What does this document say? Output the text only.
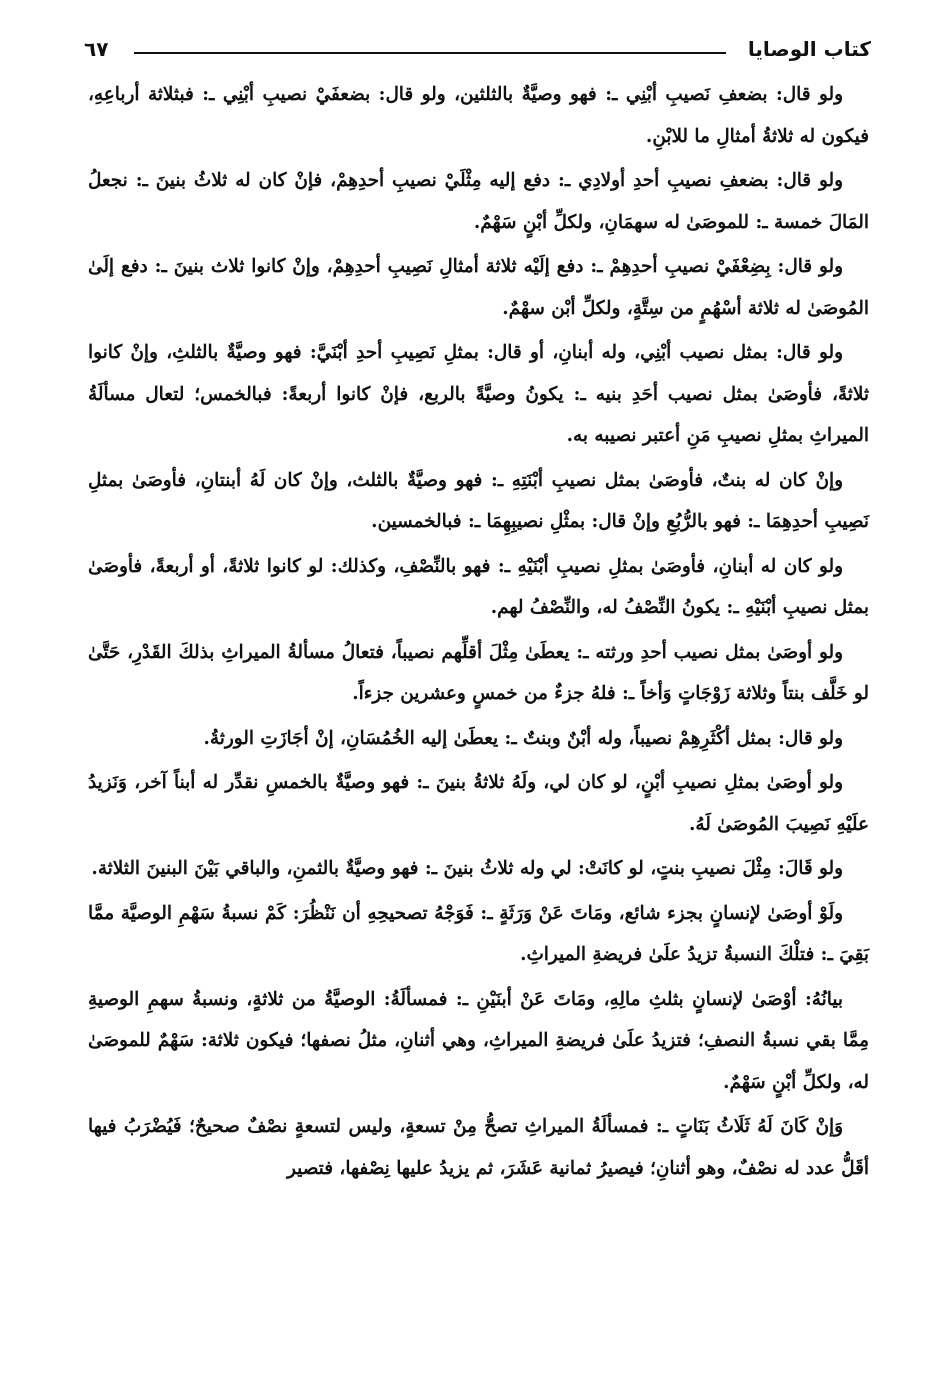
كتاب الوصايا
٦٧

ولو قال: بضعفِ نَصيبِ أبْنِي ـ: فهو وصيَّةٌ بالثلثين، ولو قال: بضعفَيْ نصيبِ أبْنِي ـ: فبثلاثة أرباعِهِ، فيكون له ثلاثةُ أمثالِ ما للابْنِ.

ولو قال: بضعفِ نصيبِ أحدِ أولادِي ـ: دفع إليه مِثْلَيْ نصيبِ أحدِهِمْ، فإنْ كان له ثلاثُ بنينَ ـ: نجعلُ المَالَ خمسة ـ: للموصَىٰ له سهمَانِ، ولكلِّ أبْنٍ سَهْمٌ.

ولو قال: بِضِعْفَيْ نصيبِ أحدِهِمْ ـ: دفع إلَيْه ثلاثة أمثالِ نَصِيبِ أحدِهِمْ، وإنْ كانوا ثلاث بنينَ ـ: دفع إلَىٰ المُوصَىٰ له ثلاثة أسْهُمٍ من سِتَّةٍ، ولكلِّ أبْن سهْمٌ.

ولو قال: بمثل نصيب أبْنِي، وله أبنانِ، أو قال: بمثلِ نَصِيبِ أحدِ أبْنَيَّ: فهو وصيَّةٌ بالثلثِ، وإنْ كانوا ثلاثةً، فأوصَىٰ بمثل نصيب أحَدِ بنيه ـ: يكونُ وصيَّةً بالربع، فإنْ كانوا أربعةً: فبالخمس؛ لتعال مسألَةُ الميراثِ بمثلِ نصيبِ مَنِ أعتبر نصيبه به.

وإنْ كان له بنتٌ، فأوصَىٰ بمثل نصيبِ أبْنَتِهِ ـ: فهو وصيَّةٌ بالثلث، وإنْ كان لَهُ أبنتانِ، فأوصَىٰ بمثلِ نَصِيبِ أحدِهِمَا ـ: فهو بالرُّبُعِ وإنْ قال: بمثْلِ نصيبِهِمَا ـ: فبالخمسين.

ولو كان له أبنانِ، فأوصَىٰ بمثلِ نصيبِ أبْنَيْهِ ـ: فهو بالنِّصْفِ، وكذلك: لو كانوا ثلاثةً، أو أربعةً، فأوصَىٰ بمثل نصيبِ أبْنَيْهِ ـ: يكونُ النِّصْفُ له، والنِّصْفُ لهم.

ولو أوصَىٰ بمثل نصيب أحدِ ورثته ـ: يعطَىٰ مِثْلَ أقلِّهم نصيباً، فتعالُ مسألةُ الميراثِ بذلكَ القَدْرِ، حَتَّىٰ لو خَلَّف بنتاً وثلاثة زَوْجَاتٍ وَأخاً ـ: فلهُ جزءٌ من خمسٍ وعشرين جزءاً.

ولو قال: بمثل أكْثَرِهِمْ نصيباً، وله أبْنٌ وبنتٌ ـ: يعطَىٰ إليه الخُمُسَانِ، إنْ أجَازَتِ الورثةُ.

ولو أوصَىٰ بمثلِ نصيبِ أبْنٍ، لو كان لي، ولَهُ ثلاثةُ بنينَ ـ: فهو وصيَّةٌ بالخمسِ نقدِّر له أبناً آخر، وَنَزيدُ علَيْهِ نَصِيبَ المُوصَىٰ لَهُ.

ولو قَالَ: مِثْلَ نصيبِ بنتٍ، لو كانَتْ: لي وله ثلاثُ بنينَ ـ: فهو وصيَّةٌ بالثمنِ، والباقي بَيْنَ البنينَ الثلاثة.

ولَوْ أوصَىٰ لإنسانٍ بجزء شائع، ومَاتَ عَنْ وَرَثَةٍ ـ: فَوَجْهُ تصحيحِهِ أن نَنْظُرَ: كَمْ نسبةُ سَهْمِ الوصيَّة ممَّا بَقِيَ ـ: فتلْكَ النسبةُ تزيدُ علَىٰ فريضةِ الميراثِ.

بيانُهُ: أوْصَىٰ لإنسانٍ بثلثِ مالِهِ، ومَاتَ عَنْ أبنَيْنِ ـ: فمسألَةُ: الوصيَّةُ من ثلاثةٍ، ونسبةُ سهمِ الوصيةِ مِمَّا بقي نسبةُ النصفِ؛ فتزيدُ علَىٰ فريضةِ الميراثِ، وهي أثنانِ، مثلُ نصفها؛ فيكون ثلاثة: سَهْمٌ للموصَىٰ له، ولكلِّ أبْنٍ سَهْمٌ.

وَإنْ كَانَ لَهُ ثَلَاثُ بَنَاتٍ ـ: فمسألَةُ الميراثِ تصحُّ مِنْ تسعةٍ، وليس لتسعةٍ نصْفٌ صحيحٌ؛ فَيُضْرَبُ فيها أقَلُّ عدد له نصْفٌ، وهو أثنانِ؛ فيصيرُ ثمانية عَشَرَ، ثم يزيدُ عليها نِصْفها، فتصير
